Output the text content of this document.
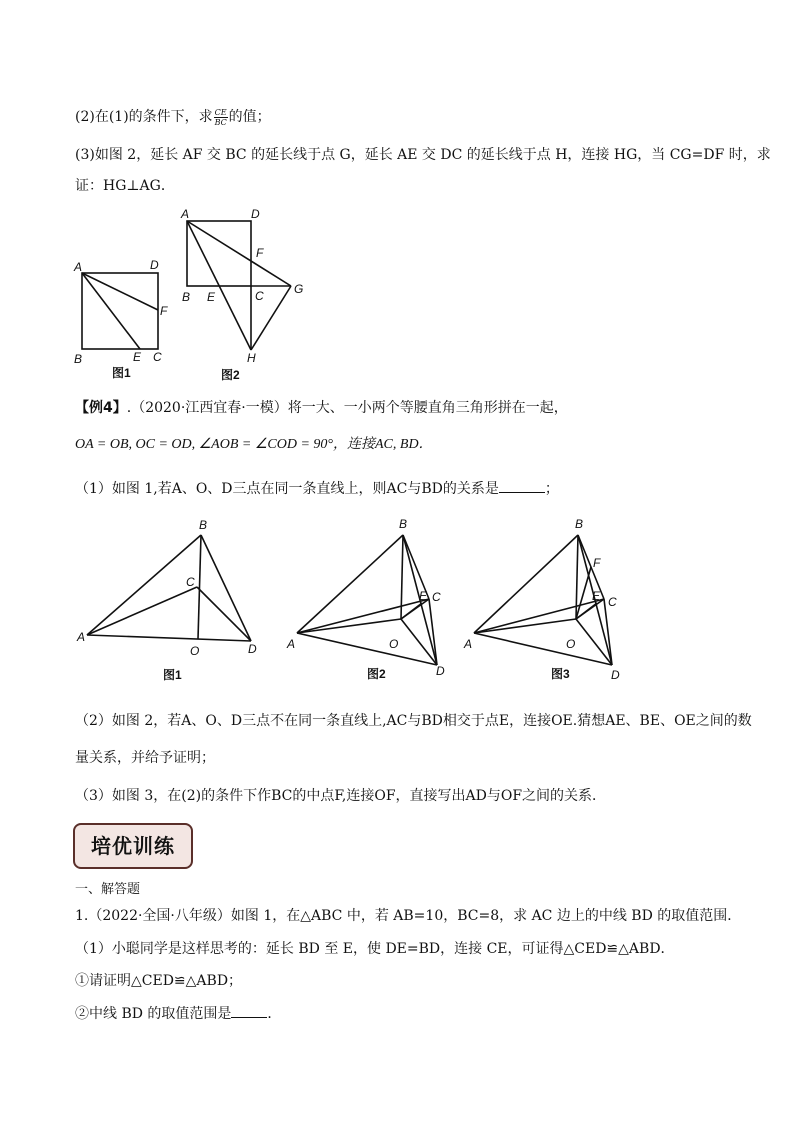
(2)在(1)的条件下，求 $\frac{CE}{BC}$ 的值；
(3)如图 2，延长 AF 交 BC 的延长线于点 G，延长 AE 交 DC 的延长线于点 H，连接 HG，当 CG=DF 时，求
证：HG⊥AG．
A	D
F
B	E C
图1
A	D
F
B E	C	G
H
图2
【例4】.（2020·江西宜春·一模）将一大、一小两个等腰直角三角形拼在一起，
OA = OB, OC = OD, ∠AOB = ∠COD = 90°，连接AC, BD．
（1）如图 1,若A、O、D三点在同一条直线上，则AC与BD的关系是	；
A
B
C
O	D
图1
A
B
C
E
O
D
图2
A
B
F
C
E
O
D
图3
（2）如图 2，若A、O、D三点不在同一条直线上,AC与BD相交于点E，连接OE.猜想AE、BE、OE之间的数
量关系，并给予证明；
（3）如图 3，在(2)的条件下作BC的中点F,连接OF，直接写出AD与OF之间的关系．
培优训练
一、解答题
1.（2022·全国·八年级）如图 1，在△ABC 中，若 AB=10，BC=8，求 AC 边上的中线 BD 的取值范围．
（1）小聪同学是这样思考的：延长 BD 至 E，使 DE=BD，连接 CE，可证得△CED≌△ABD．
①请证明△CED≌△ABD；
②中线 BD 的取值范围是	．
